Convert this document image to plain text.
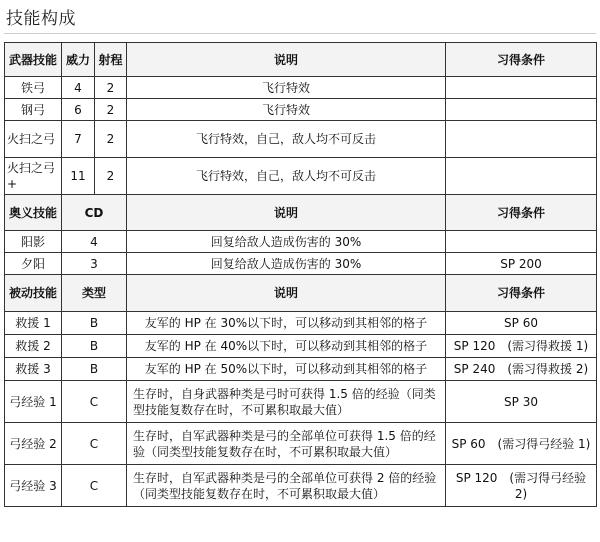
技能构成
武器技能	威力	射程	说明	习得条件
铁弓	4	2	飞行特效	
钢弓	6	2	飞行特效	
火扫之弓	7	2	飞行特效，自己，敌人均不可反击	
火扫之弓+	11	2	飞行特效，自己，敌人均不可反击	
奥义技能	CD		说明	习得条件
阳影	4		回复给敌人造成伤害的 30%	
夕阳	3		回复给敌人造成伤害的 30%	SP 200
被动技能	类型		说明	习得条件
救援 1	B		友军的 HP 在 30%以下时，可以移动到其相邻的格子	SP 60
救援 2	B		友军的 HP 在 40%以下时，可以移动到其相邻的格子	SP 120　(需习得救援 1)
救援 3	B		友军的 HP 在 50%以下时，可以移动到其相邻的格子	SP 240　(需习得救援 2)
弓经验 1	C		生存时，自身武器种类是弓时可获得 1.5 倍的经验（同类型技能复数存在时，不可累积取最大值）	SP 30
弓经验 2	C		生存时，自军武器种类是弓的全部单位可获得 1.5 倍的经验（同类型技能复数存在时，不可累积取最大值）	SP 60　(需习得弓经验 1)
弓经验 3	C		生存时，自军武器种类是弓的全部单位可获得 2 倍的经验（同类型技能复数存在时，不可累积取最大值）	SP 120　(需习得弓经验 2)
